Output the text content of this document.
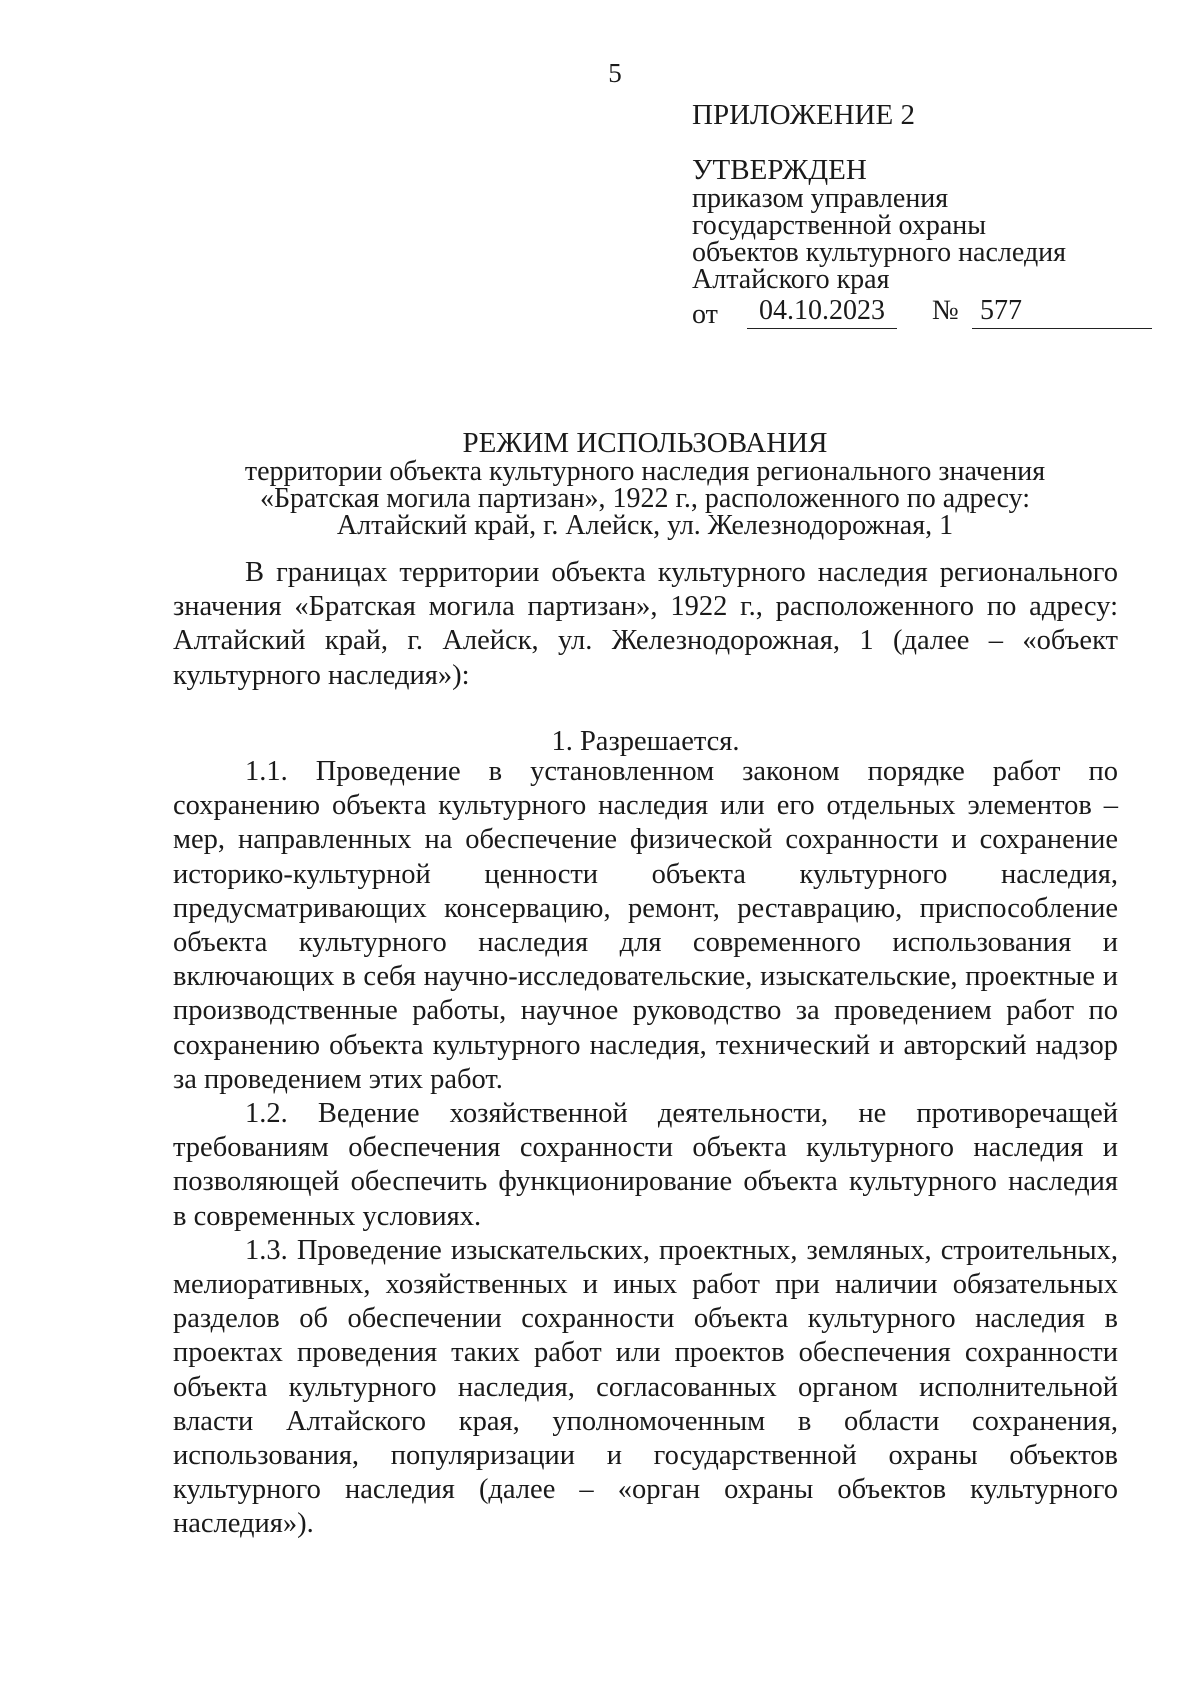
5
ПРИЛОЖЕНИЕ 2
УТВЕРЖДЕН
приказом управления
государственной охраны
объектов культурного наследия
Алтайского края
от	04.10.2023	№ 577
РЕЖИМ ИСПОЛЬЗОВАНИЯ
территории объекта культурного наследия регионального значения
«Братская могила партизан», 1922 г., расположенного по адресу:
Алтайский край, г. Алейск, ул. Железнодорожная, 1

В границах территории объекта культурного наследия регионального значения «Братская могила партизан», 1922 г., расположенного по адресу: Алтайский край, г. Алейск, ул. Железнодорожная, 1 (далее – «объект культурного наследия»):

1. Разрешается.

1.1. Проведение в установленном законом порядке работ по сохранению объекта культурного наследия или его отдельных элементов – мер, направленных на обеспечение физической сохранности и сохранение историко-культурной ценности объекта культурного наследия, предусматривающих консервацию, ремонт, реставрацию, приспособление объекта культурного наследия для современного использования и включающих в себя научно-исследовательские, изыскательские, проектные и производственные работы, научное руководство за проведением работ по сохранению объекта культурного наследия, технический и авторский надзор за проведением этих работ.

1.2. Ведение хозяйственной деятельности, не противоречащей требованиям обеспечения сохранности объекта культурного наследия и позволяющей обеспечить функционирование объекта культурного наследия в современных условиях.

1.3. Проведение изыскательских, проектных, земляных, строительных, мелиоративных, хозяйственных и иных работ при наличии обязательных разделов об обеспечении сохранности объекта культурного наследия в проектах проведения таких работ или проектов обеспечения сохранности объекта культурного наследия, согласованных органом исполнительной власти Алтайского края, уполномоченным в области сохранения, использования, популяризации и государственной охраны объектов культурного наследия (далее – «орган охраны объектов культурного наследия»).
